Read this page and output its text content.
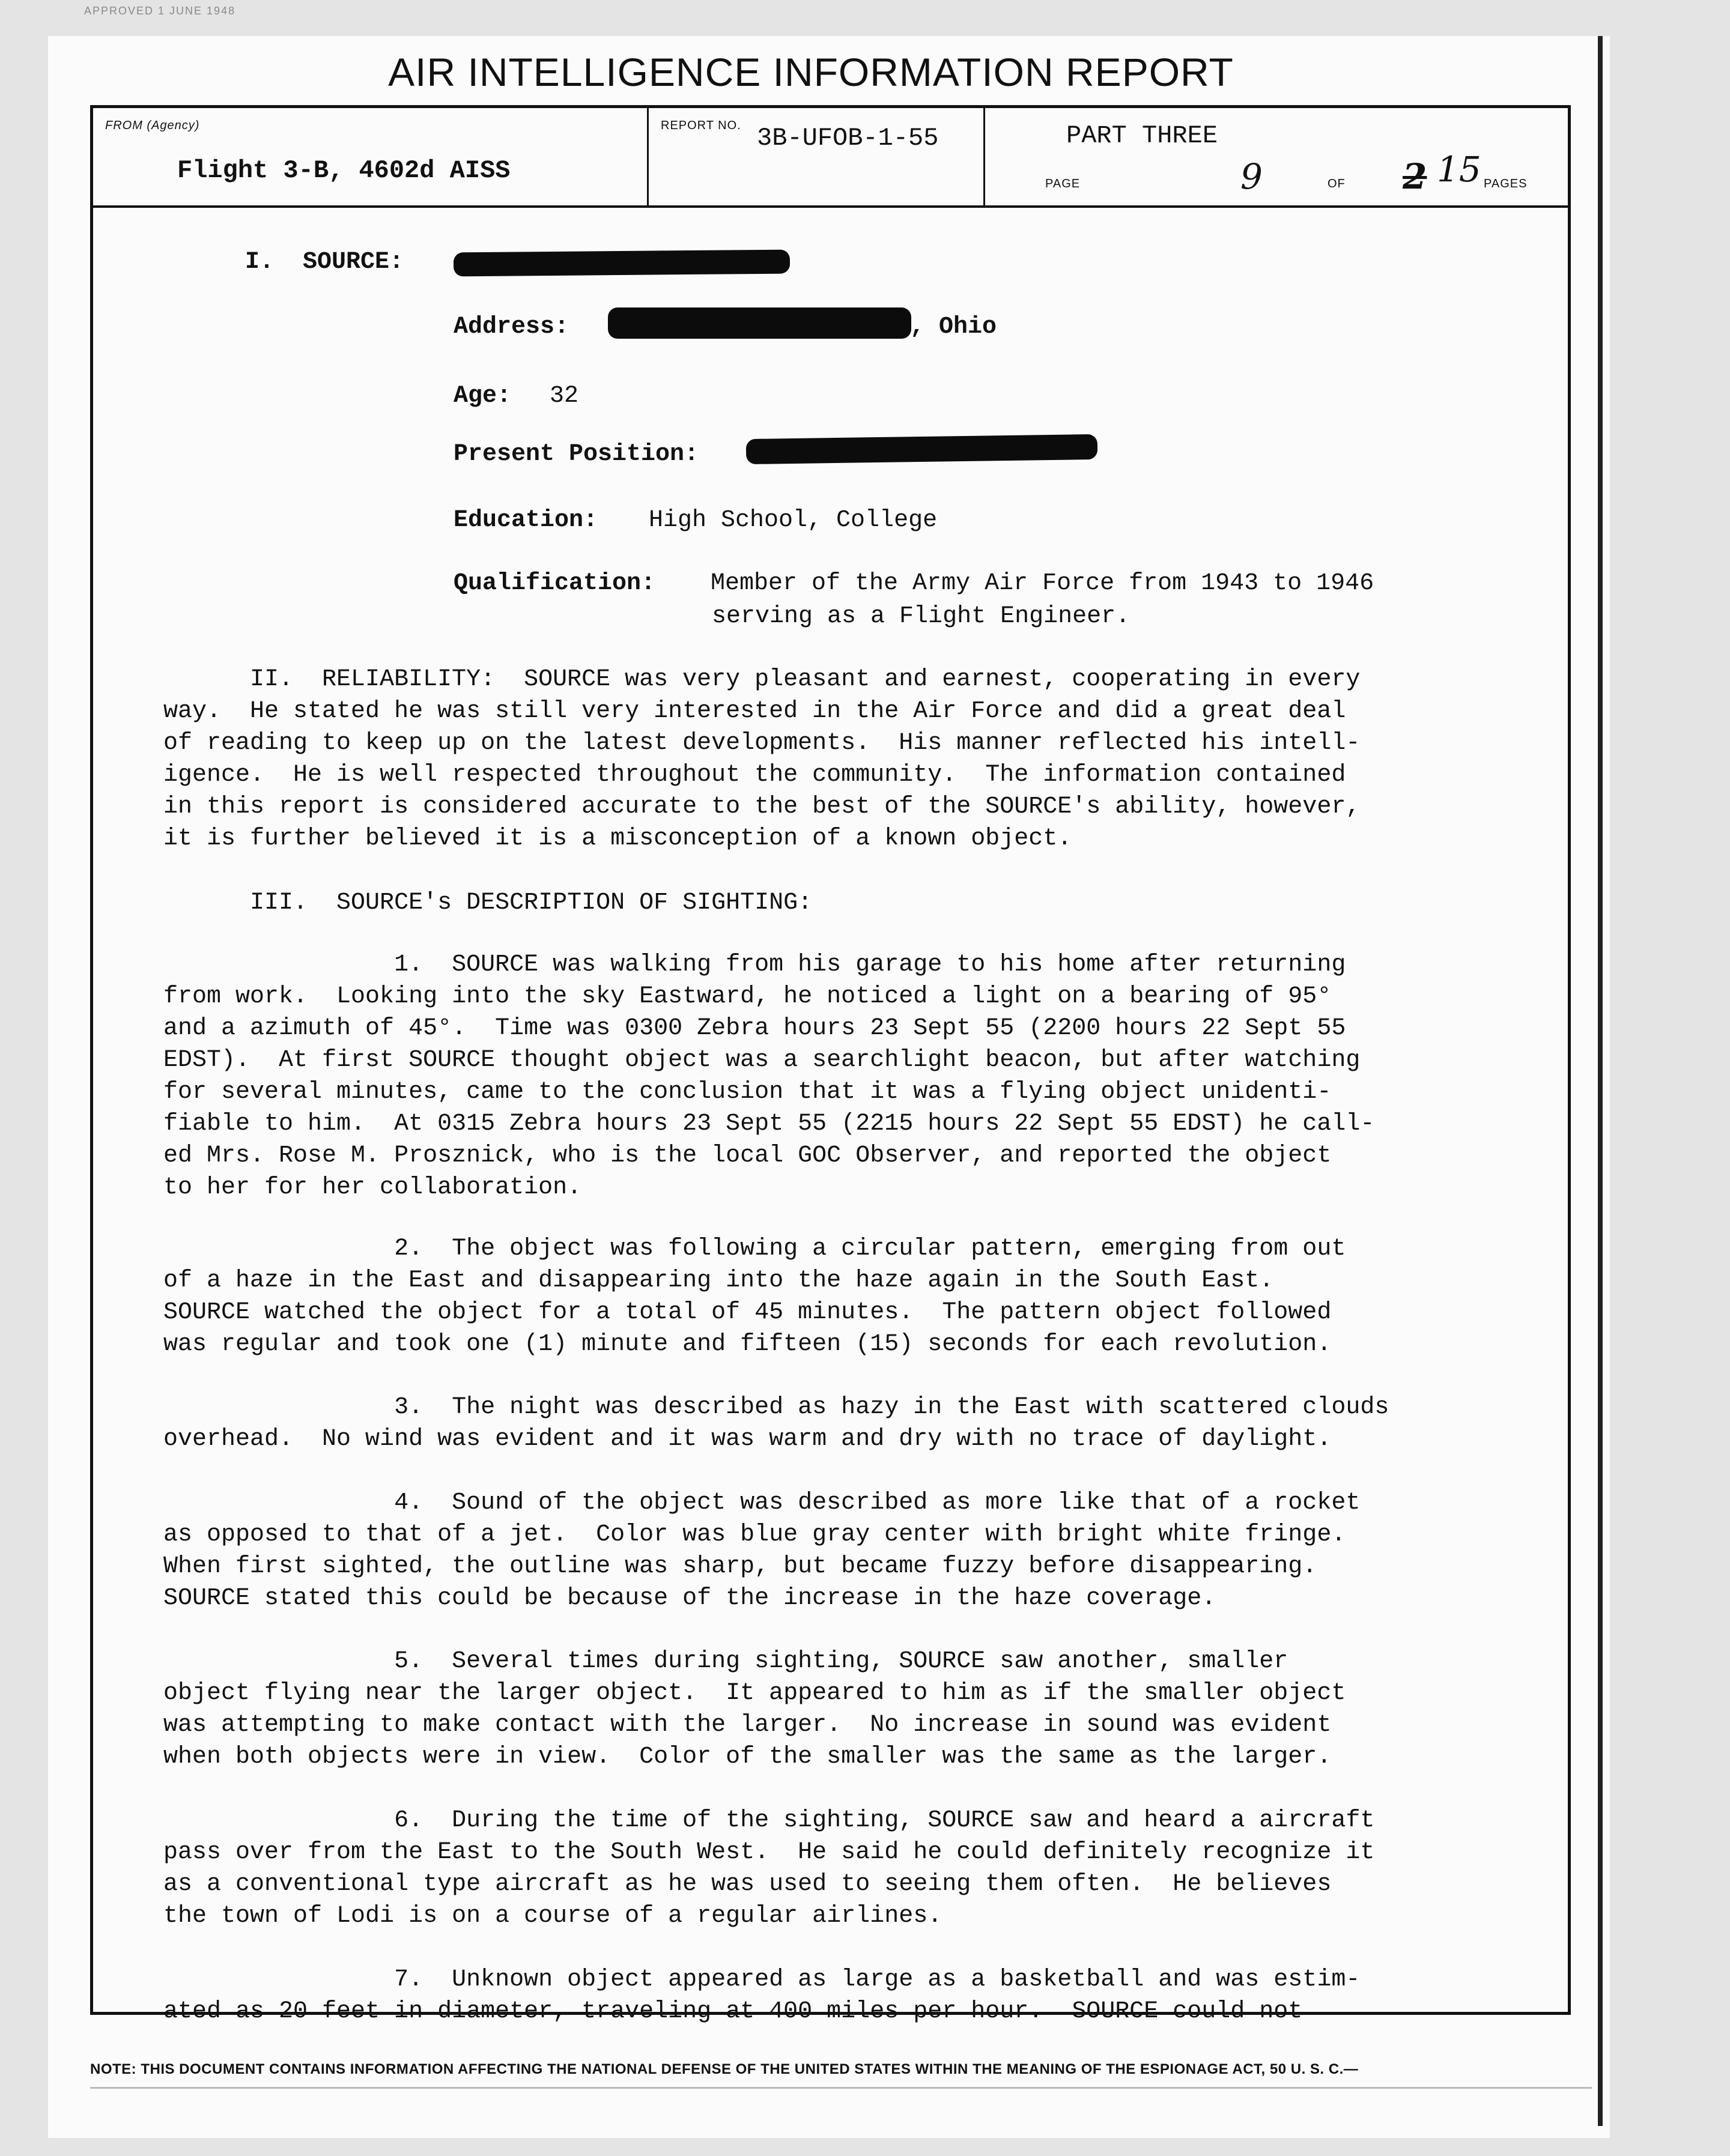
APPROVED 1 JUNE 1948
AIR INTELLIGENCE INFORMATION REPORT
FROM (Agency)
Flight 3-B, 4602d AISS
REPORT NO. 3B-UFOB-1-55	PART THREE
PAGE	9	OF 2 15 PAGES
I.  SOURCE:
Address:	, Ohio
Age: 32
Present Position:
Education: High School, College
Qualification: Member of the Army Air Force from 1943 to 1946
serving as a Flight Engineer.
II.  RELIABILITY:  SOURCE was very pleasant and earnest, cooperating in every
way.  He stated he was still very interested in the Air Force and did a great deal
of reading to keep up on the latest developments.  His manner reflected his intell-
igence.  He is well respected throughout the community.  The information contained
in this report is considered accurate to the best of the SOURCE's ability, however,
it is further believed it is a misconception of a known object.
III.  SOURCE's DESCRIPTION OF SIGHTING:
1.  SOURCE was walking from his garage to his home after returning
from work.  Looking into the sky Eastward, he noticed a light on a bearing of 95°
and a azimuth of 45°.  Time was 0300 Zebra hours 23 Sept 55 (2200 hours 22 Sept 55
EDST).  At first SOURCE thought object was a searchlight beacon, but after watching
for several minutes, came to the conclusion that it was a flying object unidenti-
fiable to him.  At 0315 Zebra hours 23 Sept 55 (2215 hours 22 Sept 55 EDST) he call-
ed Mrs. Rose M. Prosznick, who is the local GOC Observer, and reported the object
to her for her collaboration.
2.  The object was following a circular pattern, emerging from out
of a haze in the East and disappearing into the haze again in the South East.
SOURCE watched the object for a total of 45 minutes.  The pattern object followed
was regular and took one (1) minute and fifteen (15) seconds for each revolution.
3.  The night was described as hazy in the East with scattered clouds
overhead.  No wind was evident and it was warm and dry with no trace of daylight.
4.  Sound of the object was described as more like that of a rocket
as opposed to that of a jet.  Color was blue gray center with bright white fringe.
When first sighted, the outline was sharp, but became fuzzy before disappearing.
SOURCE stated this could be because of the increase in the haze coverage.
5.  Several times during sighting, SOURCE saw another, smaller
object flying near the larger object.  It appeared to him as if the smaller object
was attempting to make contact with the larger.  No increase in sound was evident
when both objects were in view.  Color of the smaller was the same as the larger.
6.  During the time of the sighting, SOURCE saw and heard a aircraft
pass over from the East to the South West.  He said he could definitely recognize it
as a conventional type aircraft as he was used to seeing them often.  He believes
the town of Lodi is on a course of a regular airlines.
7.  Unknown object appeared as large as a basketball and was estim-
ated as 20 feet in diameter, traveling at 400 miles per hour.  SOURCE could not
NOTE: THIS DOCUMENT CONTAINS INFORMATION AFFECTING THE NATIONAL DEFENSE OF THE UNITED STATES WITHIN THE MEANING OF THE ESPIONAGE ACT, 50 U. S. C.—
